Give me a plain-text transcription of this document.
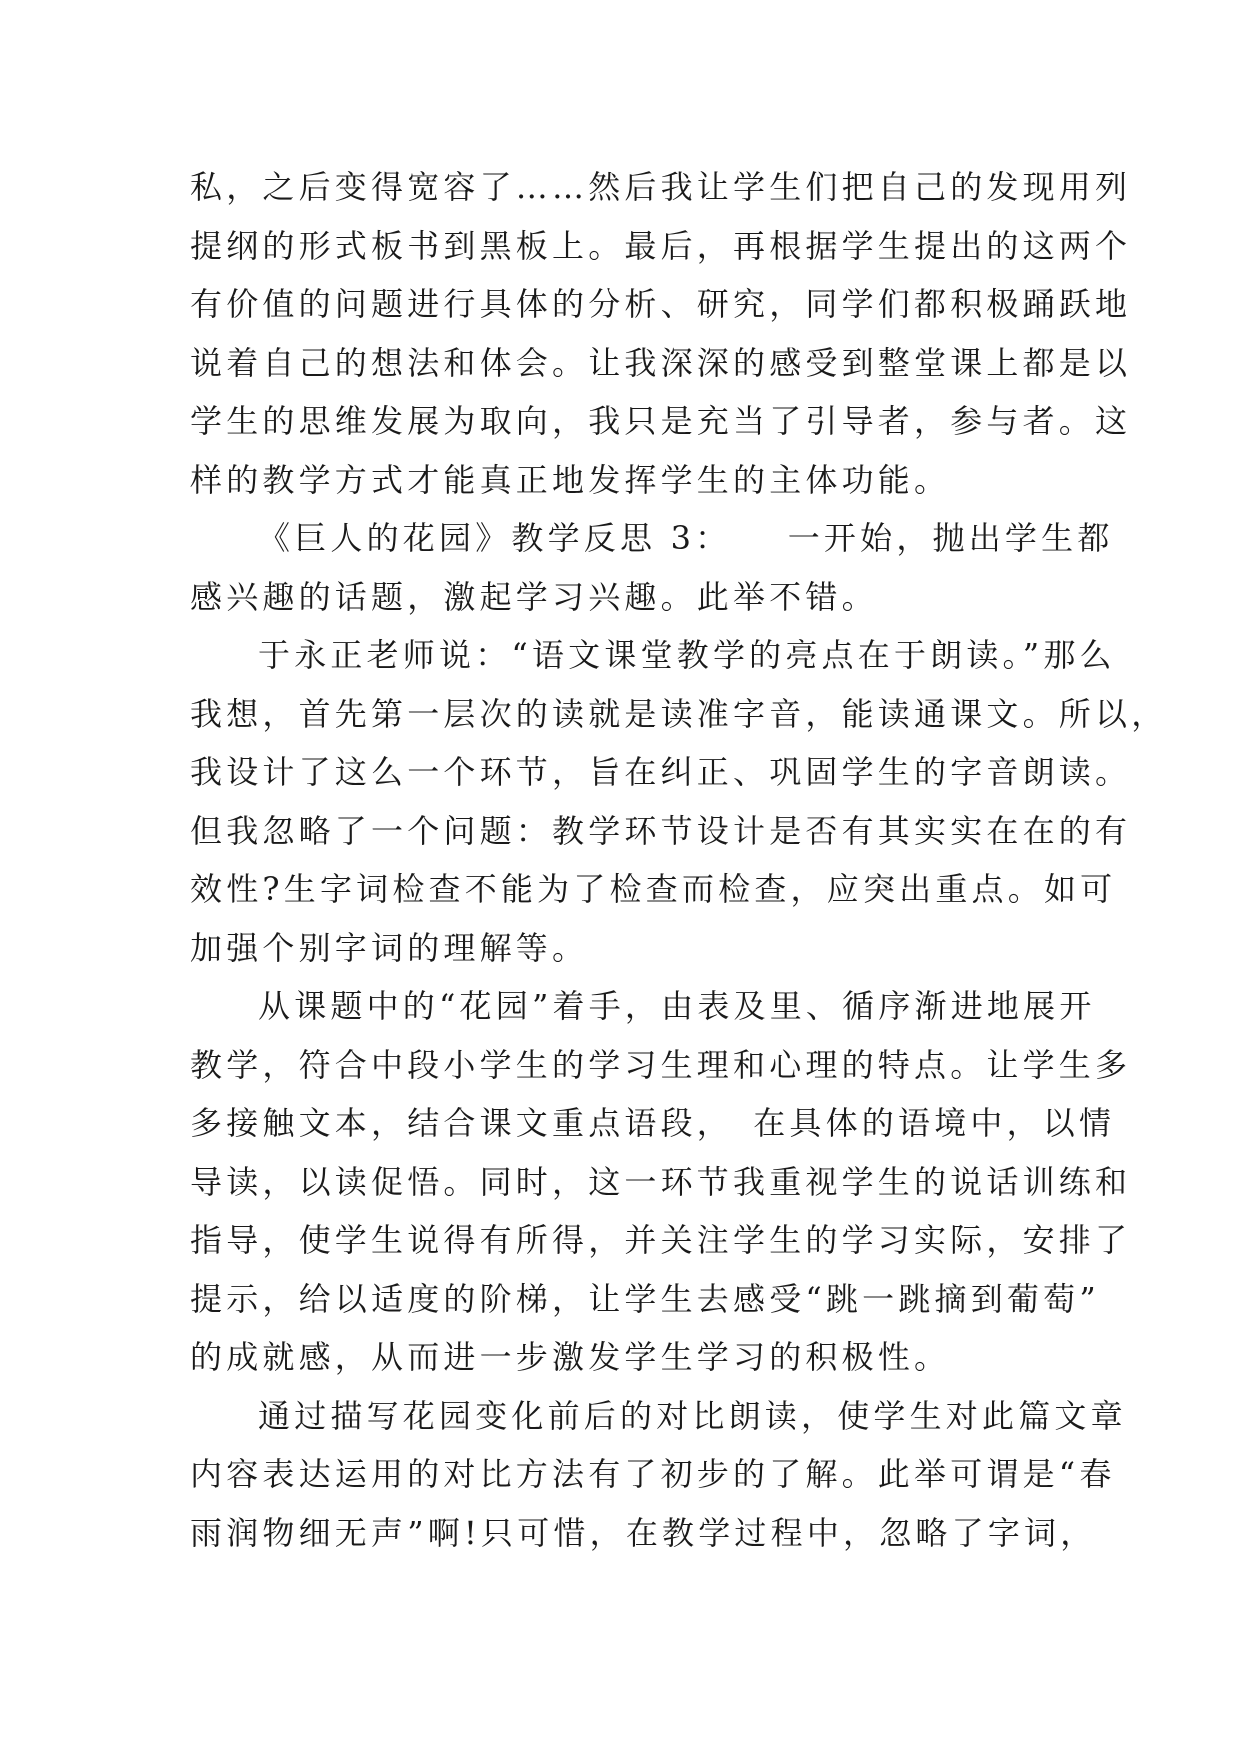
私，之后变得宽容了……然后我让学生们把自己的发现用列
提纲的形式板书到黑板上。最后，再根据学生提出的这两个
有价值的问题进行具体的分析、研究，同学们都积极踊跃地
说着自己的想法和体会。让我深深的感受到整堂课上都是以
学生的思维发展为取向，我只是充当了引导者，参与者。这
样的教学方式才能真正地发挥学生的主体功能。
《巨人的花园》教学反思 3：　　一开始，抛出学生都
感兴趣的话题，激起学习兴趣。此举不错。
于永正老师说：“语文课堂教学的亮点在于朗读。”那么
我想，首先第一层次的读就是读准字音，能读通课文。所以，
我设计了这么一个环节，旨在纠正、巩固学生的字音朗读。
但我忽略了一个问题：教学环节设计是否有其实实在在的有
效性?生字词检查不能为了检查而检查，应突出重点。如可
加强个别字词的理解等。
从课题中的“花园”着手，由表及里、循序渐进地展开
教学，符合中段小学生的学习生理和心理的特点。让学生多
多接触文本，结合课文重点语段，　在具体的语境中，以情
导读，以读促悟。同时，这一环节我重视学生的说话训练和
指导，使学生说得有所得，并关注学生的学习实际，安排了
提示，给以适度的阶梯，让学生去感受“跳一跳摘到葡萄”
的成就感，从而进一步激发学生学习的积极性。
通过描写花园变化前后的对比朗读，使学生对此篇文章
内容表达运用的对比方法有了初步的了解。此举可谓是“春
雨润物细无声”啊!只可惜，在教学过程中，忽略了字词，
